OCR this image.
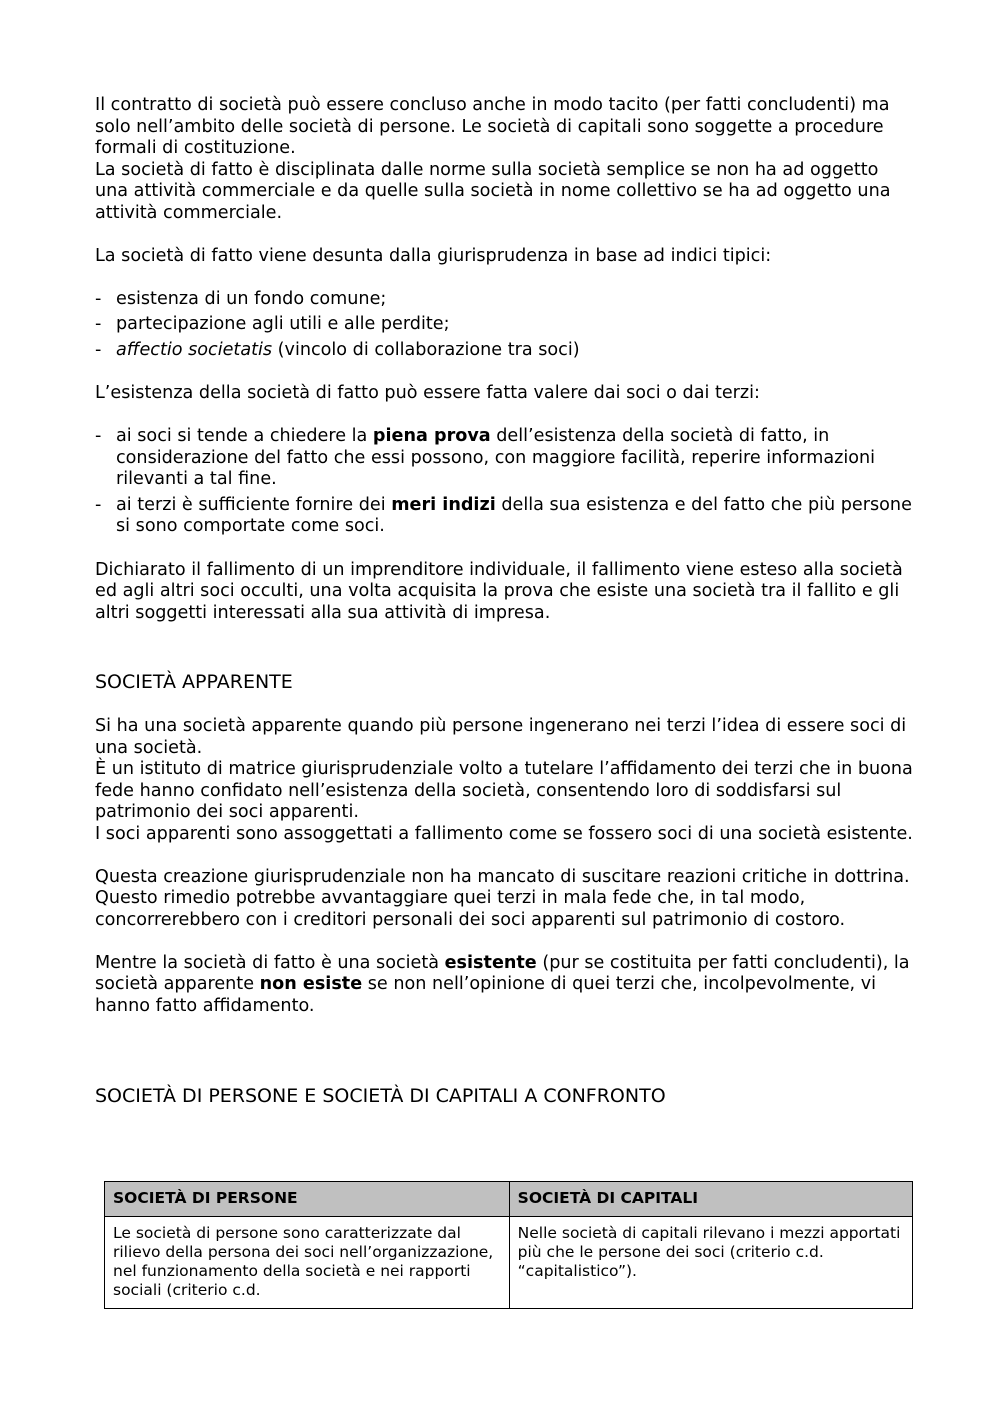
Il contratto di società può essere concluso anche in modo tacito (per fatti concludenti) ma solo nell’ambito delle società di persone. Le società di capitali sono soggette a procedure formali di costituzione.

La società di fatto è disciplinata dalle norme sulla società semplice se non ha ad oggetto una attività commerciale e da quelle sulla società in nome collettivo se ha ad oggetto una attività commerciale.

La società di fatto viene desunta dalla giurisprudenza in base ad indici tipici:

- esistenza di un fondo comune;
- partecipazione agli utili e alle perdite;
- affectio societatis (vincolo di collaborazione tra soci)

L’esistenza della società di fatto può essere fatta valere dai soci o dai terzi:

- ai soci si tende a chiedere la piena prova dell’esistenza della società di fatto, in considerazione del fatto che essi possono, con maggiore facilità, reperire informazioni rilevanti a tal fine.
- ai terzi è sufficiente fornire dei meri indizi della sua esistenza e del fatto che più persone si sono comportate come soci.

Dichiarato il fallimento di un imprenditore individuale, il fallimento viene esteso alla società ed agli altri soci occulti, una volta acquisita la prova che esiste una società tra il fallito e gli altri soggetti interessati alla sua attività di impresa.

SOCIETÀ APPARENTE

Si ha una società apparente quando più persone ingenerano nei terzi l’idea di essere soci di una società.

È un istituto di matrice giurisprudenziale volto a tutelare l’affidamento dei terzi che in buona fede hanno confidato nell’esistenza della società, consentendo loro di soddisfarsi sul patrimonio dei soci apparenti.

I soci apparenti sono assoggettati a fallimento come se fossero soci di una società esistente.

Questa creazione giurisprudenziale non ha mancato di suscitare reazioni critiche in dottrina.

Questo rimedio potrebbe avvantaggiare quei terzi in mala fede che, in tal modo, concorrerebbero con i creditori personali dei soci apparenti sul patrimonio di costoro.

Mentre la società di fatto è una società esistente (pur se costituita per fatti concludenti), la società apparente non esiste se non nell’opinione di quei terzi che, incolpevolmente, vi hanno fatto affidamento.

SOCIETÀ DI PERSONE E SOCIETÀ DI CAPITALI A CONFRONTO

SOCIETÀ DI PERSONE	SOCIETÀ DI CAPITALI
Le società di persone sono caratterizzate dal rilievo della persona dei soci nell’organizzazione, nel funzionamento della società e nei rapporti sociali (criterio c.d.	Nelle società di capitali rilevano i mezzi apportati più che le persone dei soci (criterio c.d. “capitalistico”).
